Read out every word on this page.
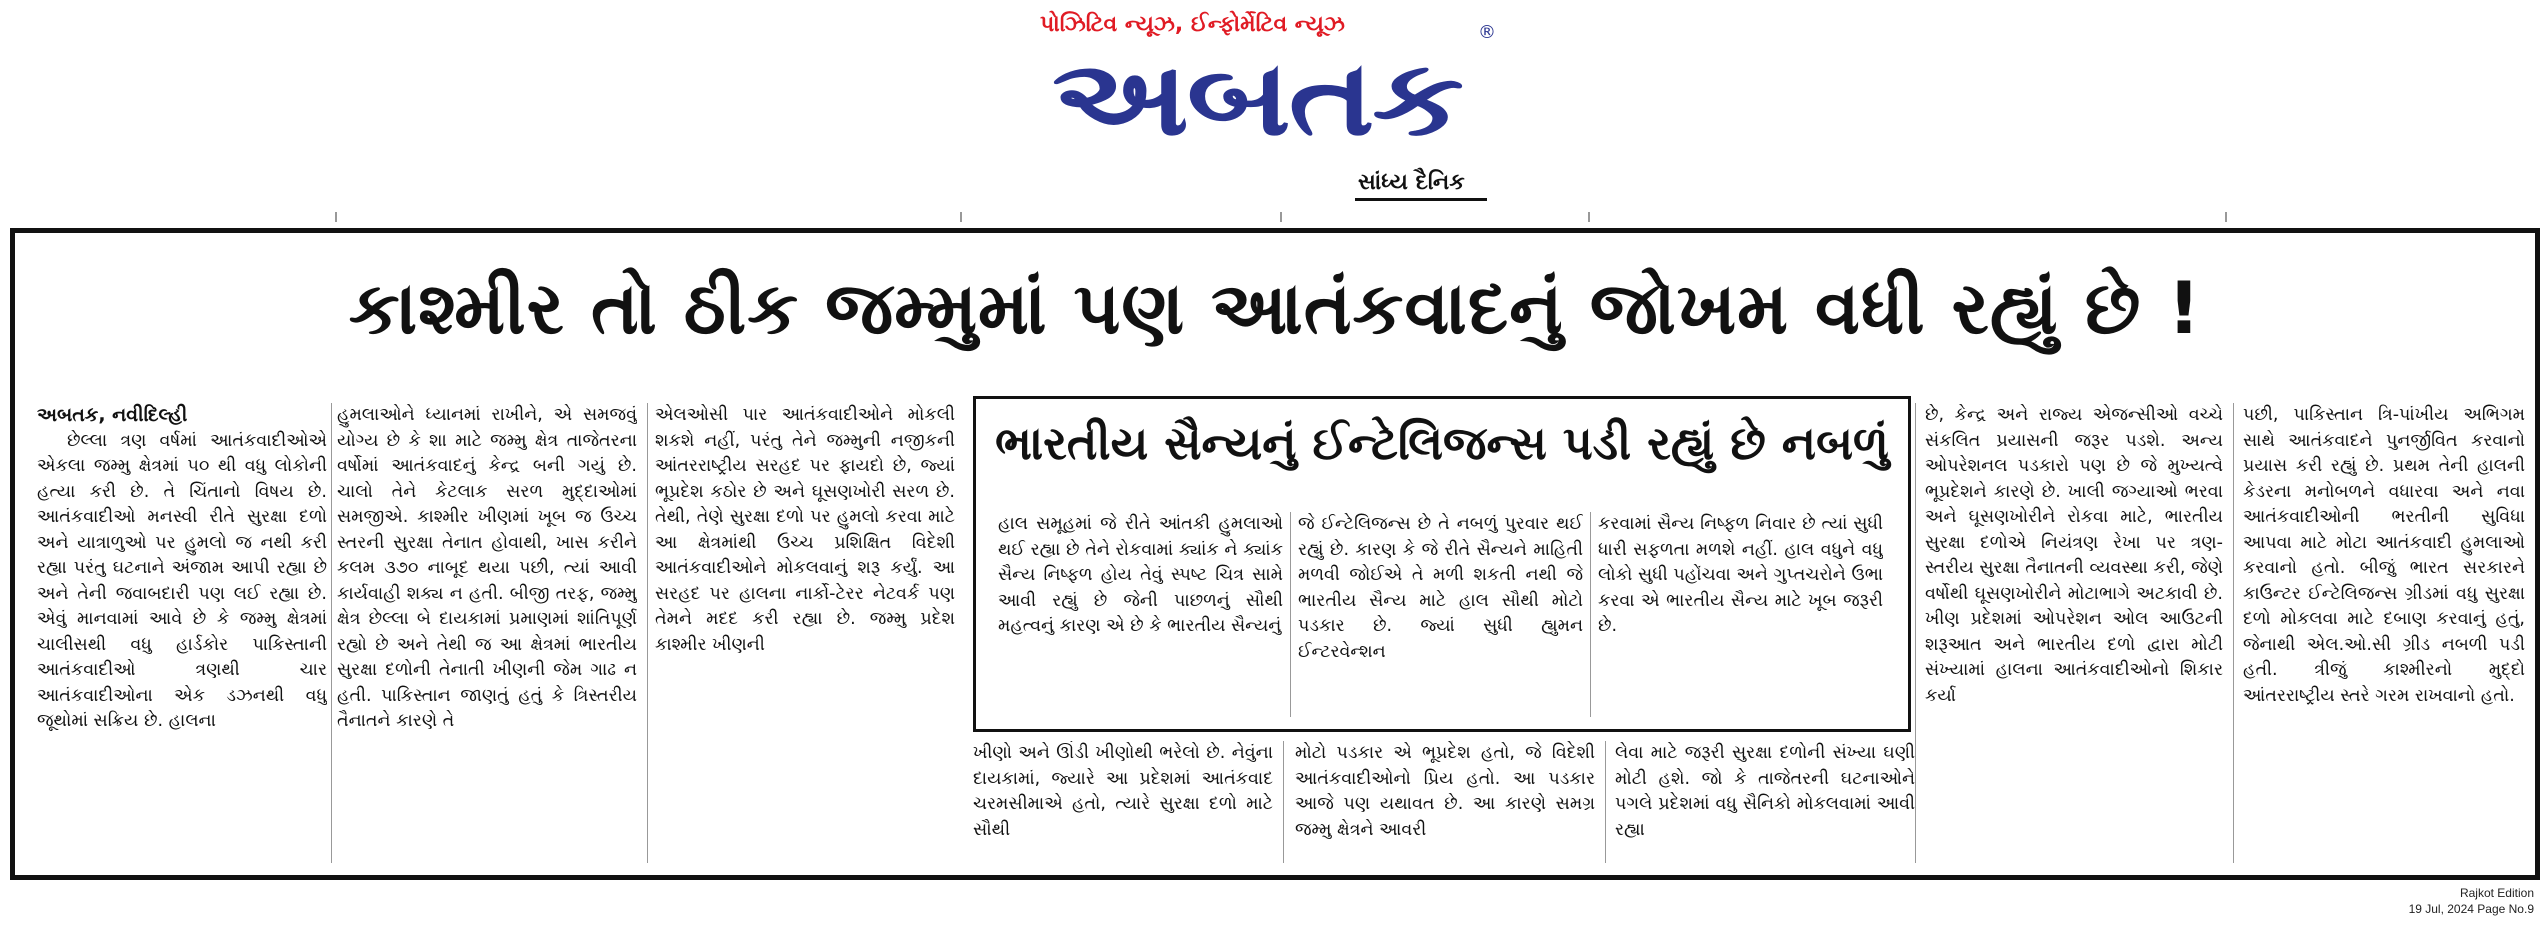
પોઝિટિવ ન્યૂઝ, ઈન્ફોર્મેટિવ ન્યૂઝ
અબતક
®
સાંધ્ય દૈનિક
કાશ્મીર તો ઠીક જમ્મુમાં પણ આતંકવાદનું જોખમ વધી રહ્યું છે !

અબતક, નવીદિલ્હી

છેલ્લા ત્રણ વર્ષમાં આતંકવાદીઓએ એકલા જમ્મુ ક્ષેત્રમાં ૫૦ થી વધુ લોકોની હત્યા કરી છે. તે ચિંતાનો વિષય છે. આતંકવાદીઓ મનસ્વી રીતે સુરક્ષા દળો અને યાત્રાળુઓ પર હુમલો જ નથી કરી રહ્યા પરંતુ ઘટનાને અંજામ આપી રહ્યા છે અને તેની જવાબદારી પણ લઈ રહ્યા છે. એવું માનવામાં આવે છે કે જમ્મુ ક્ષેત્રમાં ચાલીસથી વધુ હાર્ડકોર પાકિસ્તાની આતંકવાદીઓ ત્રણથી ચાર આતંકવાદીઓના એક ડઝનથી વધુ જૂથોમાં સક્રિય છે. હાલના

હુમલાઓને ધ્યાનમાં રાખીને, એ સમજવું યોગ્ય છે કે શા માટે જમ્મુ ક્ષેત્ર તાજેતરના વર્ષોમાં આતંકવાદનું કેન્દ્ર બની ગયું છે. ચાલો તેને કેટલાક સરળ મુદ્દાઓમાં સમજીએ. કાશ્મીર ખીણમાં ખૂબ જ ઉચ્ચ સ્તરની સુરક્ષા તેનાત હોવાથી, ખાસ કરીને કલમ ૩૭૦ નાબૂદ થયા પછી, ત્યાં આવી કાર્યવાહી શક્ય ન હતી. બીજી તરફ, જમ્મુ ક્ષેત્ર છેલ્લા બે દાયકામાં પ્રમાણમાં શાંતિપૂર્ણ રહ્યો છે અને તેથી જ આ ક્ષેત્રમાં ભારતીય સુરક્ષા દળોની તેનાતી ખીણની જેમ ગાઢ ન હતી. પાકિસ્તાન જાણતું હતું કે ત્રિસ્તરીય તૈનાતને કારણે તે

એલઓસી પાર આતંકવાદીઓને મોકલી શકશે નહીં, પરંતુ તેને જમ્મુની નજીકની આંતરરાષ્ટ્રીય સરહદ પર ફાયદો છે, જ્યાં ભૂપ્રદેશ કઠોર છે અને ઘૂસણખોરી સરળ છે. તેથી, તેણે સુરક્ષા દળો પર હુમલો કરવા માટે આ ક્ષેત્રમાંથી ઉચ્ચ પ્રશિક્ષિત વિદેશી આતંકવાદીઓને મોકલવાનું શરૂ કર્યું. આ સરહદ પર હાલના નાર્કો-ટેરર નેટવર્ક પણ તેમને મદદ કરી રહ્યા છે. જમ્મુ પ્રદેશ કાશ્મીર ખીણની

ભારતીય સૈન્યનું ઈન્ટેલિજન્સ પડી રહ્યું છે નબળું

હાલ સમૂહમાં જે રીતે આંતકી હુમલાઓ થઈ રહ્યા છે તેને રોકવામાં ક્યાંક ને ક્યાંક સૈન્ય નિષ્ફળ હોય તેવું સ્પષ્ટ ચિત્ર સામે આવી રહ્યું છે જેની પાછળનું સૌથી મહત્વનું કારણ એ છે કે ભારતીય સૈન્યનું

જે ઈન્ટેલિજન્સ છે તે નબળું પુરવાર થઈ રહ્યું છે. કારણ કે જે રીતે સૈન્યને માહિતી મળવી જોઈએ તે મળી શકતી નથી જે ભારતીય સૈન્ય માટે હાલ સૌથી મોટો પડકાર છે. જ્યાં સુધી હ્યુમન ઈન્ટરવેન્શન

કરવામાં સૈન્ય નિષ્ફળ નિવાર છે ત્યાં સુધી ધારી સફળતા મળશે નહીં. હાલ વધુને વધુ લોકો સુધી પહોંચવા અને ગુપ્તચરોને ઉભા કરવા એ ભારતીય સૈન્ય માટે ખૂબ જરૂરી છે.

ખીણો અને ઊંડી ખીણોથી ભરેલો છે. નેવુંના દાયકામાં, જ્યારે આ પ્રદેશમાં આતંકવાદ ચરમસીમાએ હતો, ત્યારે સુરક્ષા દળો માટે સૌથી

મોટો પડકાર એ ભૂપ્રદેશ હતો, જે વિદેશી આતંકવાદીઓનો પ્રિય હતો. આ પડકાર આજે પણ યથાવત છે. આ કારણે સમગ્ર જમ્મુ ક્ષેત્રને આવરી

લેવા માટે જરૂરી સુરક્ષા દળોની સંખ્યા ઘણી મોટી હશે. જો કે તાજેતરની ઘટનાઓને પગલે પ્રદેશમાં વધુ સૈનિકો મોકલવામાં આવી રહ્યા

છે, કેન્દ્ર અને રાજ્ય એજન્સીઓ વચ્ચે સંકલિત પ્રયાસની જરૂર પડશે. અન્ય ઓપરેશનલ પડકારો પણ છે જે મુખ્યત્વે ભૂપ્રદેશને કારણે છે. ખાલી જગ્યાઓ ભરવા અને ઘૂસણખોરીને રોકવા માટે, ભારતીય સુરક્ષા દળોએ નિયંત્રણ રેખા પર ત્રણ-સ્તરીય સુરક્ષા તૈનાતની વ્યવસ્થા કરી, જેણે વર્ષોથી ઘૂસણખોરીને મોટાભાગે અટકાવી છે. ખીણ પ્રદેશમાં ઓપરેશન ઓલ આઉટની શરૂઆત અને ભારતીય દળો દ્વારા મોટી સંખ્યામાં હાલના આતંકવાદીઓનો શિકાર કર્યા

પછી, પાકિસ્તાન ત્રિ-પાંખીય અભિગમ સાથે આતંકવાદને પુનર્જીવિત કરવાનો પ્રયાસ કરી રહ્યું છે. પ્રથમ તેની હાલની કેડરના મનોબળને વધારવા અને નવા આતંકવાદીઓની ભરતીની સુવિધા આપવા માટે મોટા આતંકવાદી હુમલાઓ કરવાનો હતો. બીજું ભારત સરકારને કાઉન્ટર ઈન્ટેલિજન્સ ગ્રીડમાં વધુ સુરક્ષા દળો મોકલવા માટે દબાણ કરવાનું હતું, જેનાથી એલ.ઓ.સી ગ્રીડ નબળી પડી હતી. ત્રીજું કાશ્મીરનો મુદ્દો આંતરરાષ્ટ્રીય સ્તરે ગરમ રાખવાનો હતો.

Rajkot Edition
19 Jul, 2024 Page No.9
